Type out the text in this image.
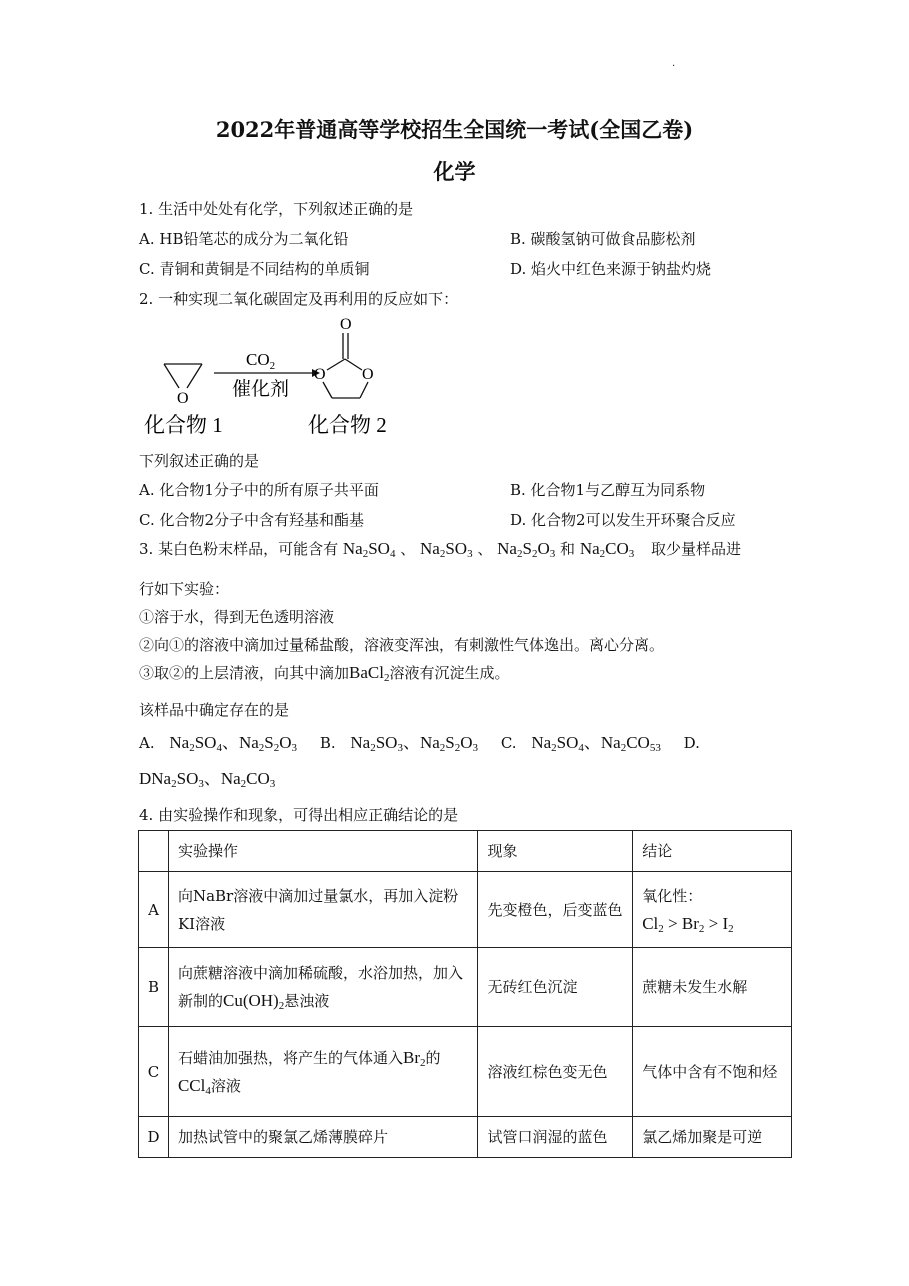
.
2022年普通高等学校招生全国统一考试(全国乙卷)
化学
1. 生活中处处有化学，下列叙述正确的是
A. HB铅笔芯的成分为二氧化铅	B. 碳酸氢钠可做食品膨松剂
C. 青铜和黄铜是不同结构的单质铜	D. 焰火中红色来源于钠盐灼烧
2. 一种实现二氧化碳固定及再利用的反应如下：
O
$CO_2$
催化剂
O
O O
化合物 1	化合物 2
下列叙述正确的是
A. 化合物1分子中的所有原子共平面	B. 化合物1与乙醇互为同系物
C. 化合物2分子中含有羟基和酯基	D. 化合物2可以发生开环聚合反应
3. 某白色粉末样品，可能含有 $Na_2SO_4$ 、 $Na_2SO_3$ 、 $Na_2S_2O_3$ 和 $Na_2CO_3$ 取少量样品进
行如下实验：
①溶于水，得到无色透明溶液
②向①的溶液中滴加过量稀盐酸，溶液变浑浊，有刺激性气体逸出。离心分离。
③取②的上层清液，向其中滴加BaCl$_2$溶液有沉淀生成。
该样品中确定存在的是
A. $Na_2SO_4$、$Na_2S_2O_3$ B. $Na_2SO_3$、$Na_2S_2O_3$ C. $Na_2SO_4$、$Na_2CO_{53}$ D.
$DNa_2SO_3$、$Na_2CO_3$
4. 由实验操作和现象，可得出相应正确结论的是
	实验操作	现象	结论
A	向NaBr溶液中滴加过量氯水，再加入淀粉KI溶液	先变橙色，后变蓝色	氧化性：
$Cl_2 > Br_2 > I_2$

B	向蔗糖溶液中滴加稀硫酸，水浴加热，加入新制的$Cu(OH)_2$悬浊液	无砖红色沉淀	蔗糖未发生水解
C	石蜡油加强热，将产生的气体通入$Br_2$的
CCl$_4$溶液	溶液红棕色变无色	气体中含有不饱和烃
D	加热试管中的聚氯乙烯薄膜碎片	试管口润湿的蓝色	氯乙烯加聚是可逆
